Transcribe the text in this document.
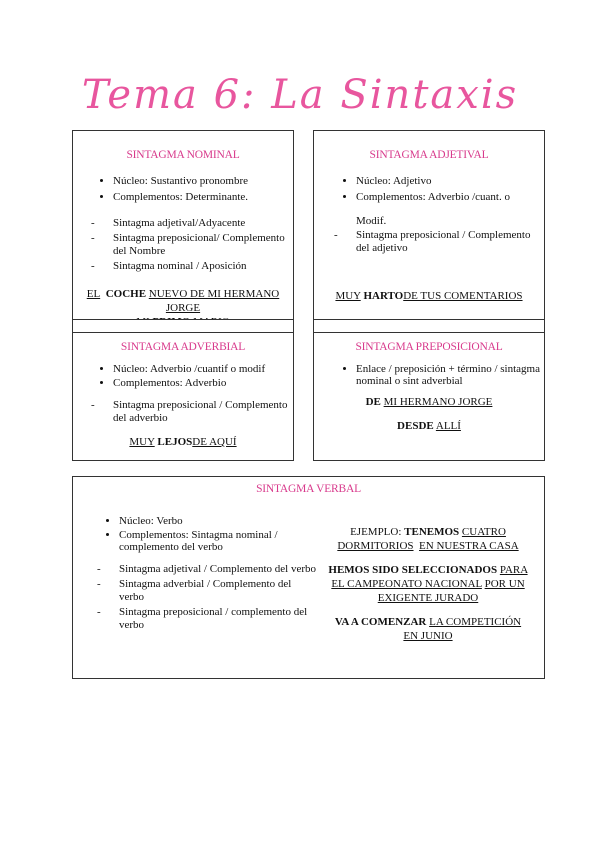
Tema 6: La Sintaxis
SINTAGMA NOMINAL
• Núcleo: Sustantivo pronombre
• Complementos: Determinante.
- Sintagma adjetival/Adyacente
- Sintagma preposicional/ Complemento del Nombre
- Sintagma nominal / Aposición
EL COCHE NUEVO DE MI HERMANO
JORGE

SINTAGMA ADJETIVAL
• Núcleo: Adjetivo
• Complementos: Adverbio /cuant. o
Modif.
- Sintagma preposicional / Complemento del adjetivo
MUY HARTODE TUS COMENTARIOS
SINTAGMA ADVERBIAL
• Núcleo: Adverbio /cuantif o modif
• Complementos: Adverbio
- Sintagma preposicional / Complemento del adverbio
MUY LEJOSDE AQUÍ
SINTAGMA PREPOSICIONAL
• Enlace / preposición + término / sintagma nominal o sint adverbial
DE MI HERMANO JORGE
DESDE ALLÍ
SINTAGMA VERBAL
• Núcleo: Verbo
• Complementos: Sintagma nominal / complemento del verbo
- Sintagma adjetival / Complemento del verbo
- Sintagma adverbial / Complemento del verbo
- Sintagma preposicional / complemento del verbo
EJEMPLO: TENEMOS CUATRO DORMITORIOS EN NUESTRA CASA
HEMOS SIDO SELECCIONADOS PARA EL CAMPEONATO NACIONAL POR UN EXIGENTE JURADO
VA A COMENZAR LA COMPETICIÓN EN JUNIO
